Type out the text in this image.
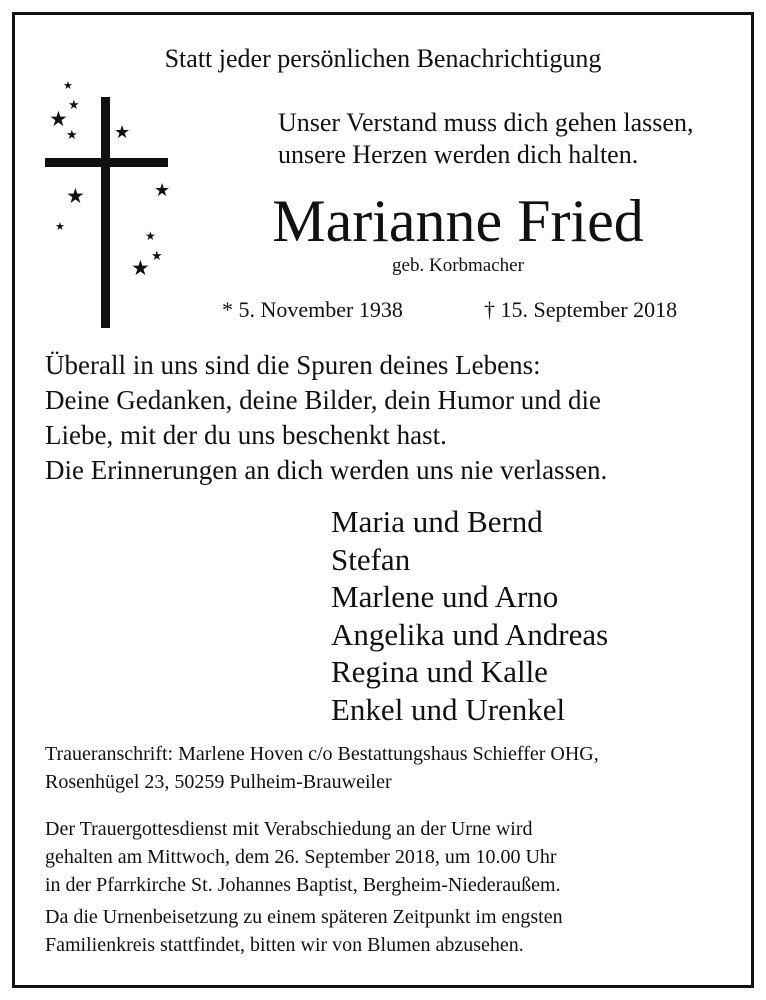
Statt jeder persönlichen Benachrichtigung
Unser Verstand muss dich gehen lassen,
unsere Herzen werden dich halten.
★
★
★
★ ★
★
★
★
★
★
★
Marianne Fried
geb. Korbmacher
* 5. November 1938	† 15. September 2018
Überall in uns sind die Spuren deines Lebens:
Deine Gedanken, deine Bilder, dein Humor und die
Liebe, mit der du uns beschenkt hast.
Die Erinnerungen an dich werden uns nie verlassen.
Maria und Bernd
Stefan
Marlene und Arno
Angelika und Andreas
Regina und Kalle
Enkel und Urenkel
Traueranschrift: Marlene Hoven c/o Bestattungshaus Schieffer OHG,
Rosenhügel 23, 50259 Pulheim-Brauweiler
Der Trauergottesdienst mit Verabschiedung an der Urne wird
gehalten am Mittwoch, dem 26. September 2018, um 10.00 Uhr
in der Pfarrkirche St. Johannes Baptist, Bergheim-Niederaußem.
Da die Urnenbeisetzung zu einem späteren Zeitpunkt im engsten
Familienkreis stattfindet, bitten wir von Blumen abzusehen.
